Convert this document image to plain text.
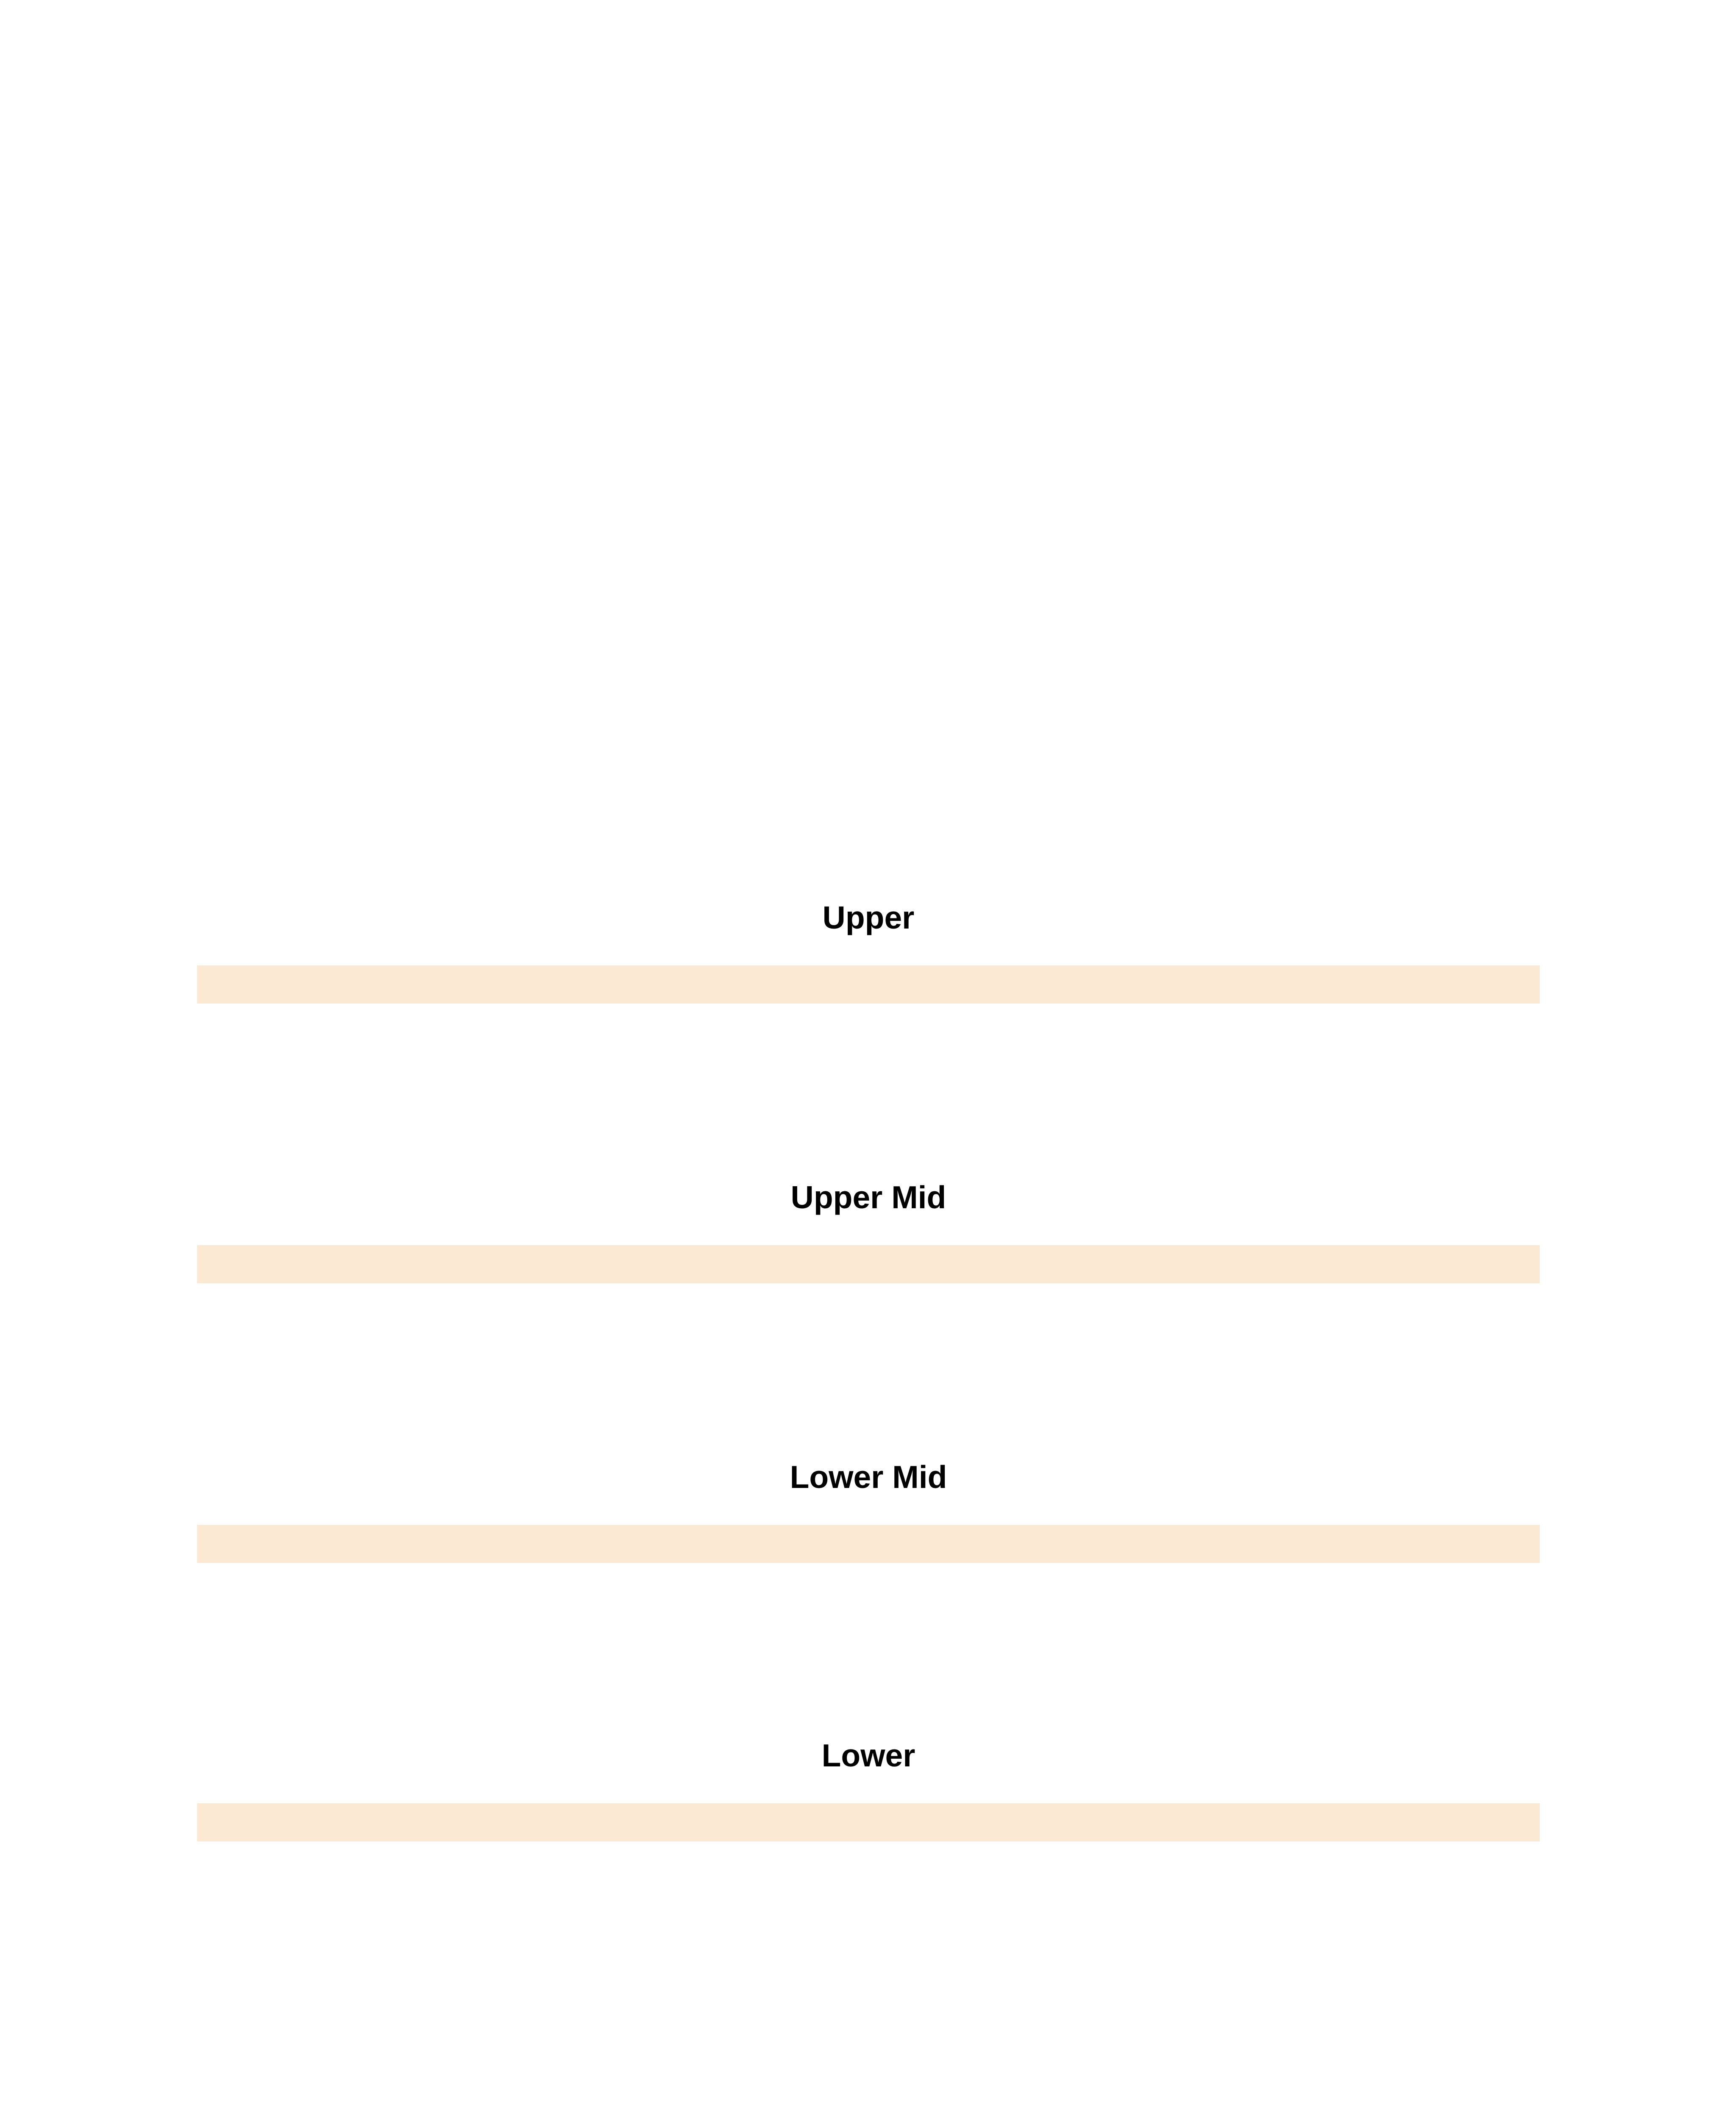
Upper
Upper Mid
Lower Mid
Lower
